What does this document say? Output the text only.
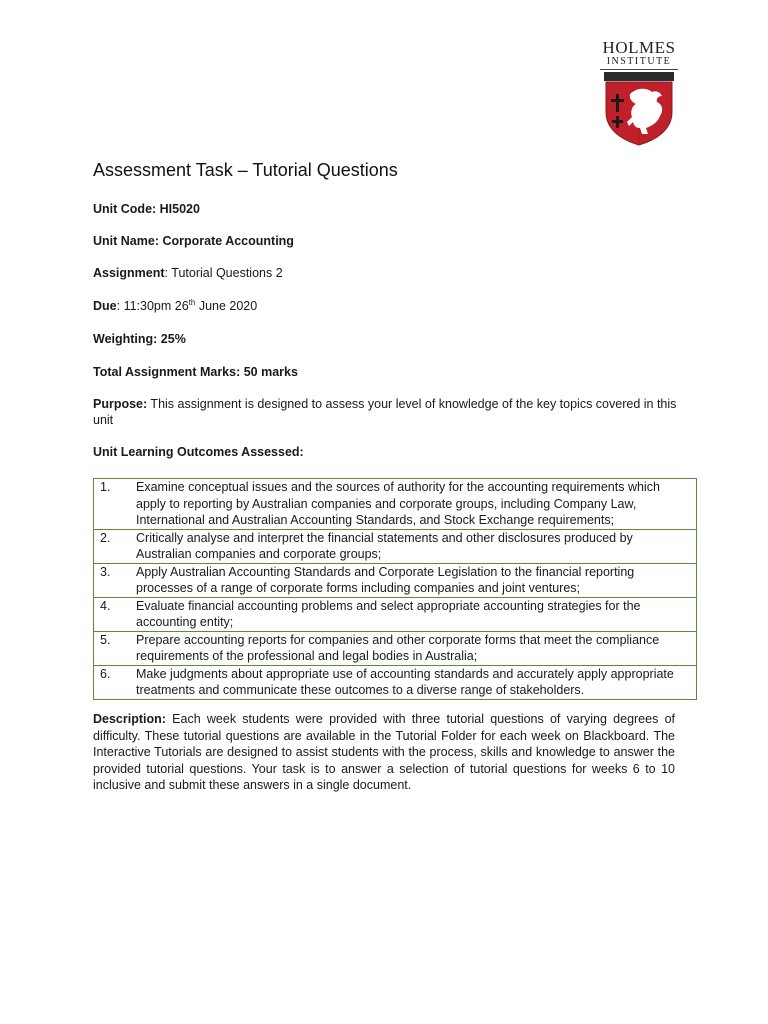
HOLMES
INSTITUTE
Assessment Task – Tutorial Questions
Unit Code: HI5020
Unit Name: Corporate Accounting
Assignment: Tutorial Questions 2
Due: 11:30pm 26th June 2020
Weighting: 25%
Total Assignment Marks: 50 marks
Purpose: This assignment is designed to assess your level of knowledge of the key topics covered in this unit
Unit Learning Outcomes Assessed:
1.	Examine conceptual issues and the sources of authority for the accounting requirements which apply to reporting by Australian companies and corporate groups, including Company Law, International and Australian Accounting Standards, and Stock Exchange requirements;
2.	Critically analyse and interpret the financial statements and other disclosures produced by Australian companies and corporate groups;
3.	Apply Australian Accounting Standards and Corporate Legislation to the financial reporting processes of a range of corporate forms including companies and joint ventures;
4.	Evaluate financial accounting problems and select appropriate accounting strategies for the accounting entity;
5.	Prepare accounting reports for companies and other corporate forms that meet the compliance requirements of the professional and legal bodies in Australia;
6.	Make judgments about appropriate use of accounting standards and accurately apply appropriate treatments and communicate these outcomes to a diverse range of stakeholders.
Description: Each week students were provided with three tutorial questions of varying degrees of difficulty. These tutorial questions are available in the Tutorial Folder for each week on Blackboard. The Interactive Tutorials are designed to assist students with the process, skills and knowledge to answer the provided tutorial questions. Your task is to answer a selection of tutorial questions for weeks 6 to 10 inclusive and submit these answers in a single document.
